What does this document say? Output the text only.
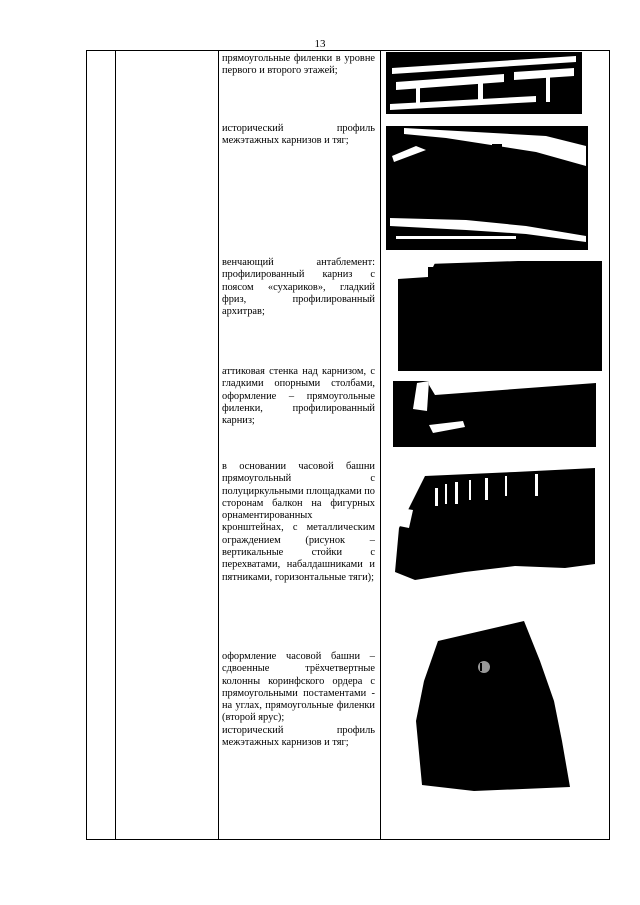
13
прямоугольные филенки в уровне первого и второго этажей;
исторический профиль межэтажных карнизов и тяг;
венчающий антаблемент: профилированный карниз с поясом «сухариков», гладкий фриз, профилированный архитрав;
аттиковая стенка над карнизом, с гладкими опорными столбами, оформление – прямоугольные филенки, профилированный карниз;
в основании часовой башни прямоугольный с полуциркульными площадками по сторонам балкон на фигурных орнаментированных кронштейнах, с металлическим ограждением (рисунок – вертикальные стойки с перехватами, набалдашниками и пятниками, горизонтальные тяги);
оформление часовой башни – сдвоенные трёхчетвертные колонны коринфского ордера с прямоугольными постаментами - на углах, прямоугольные филенки (второй ярус);
исторический профиль межэтажных карнизов и тяг;
